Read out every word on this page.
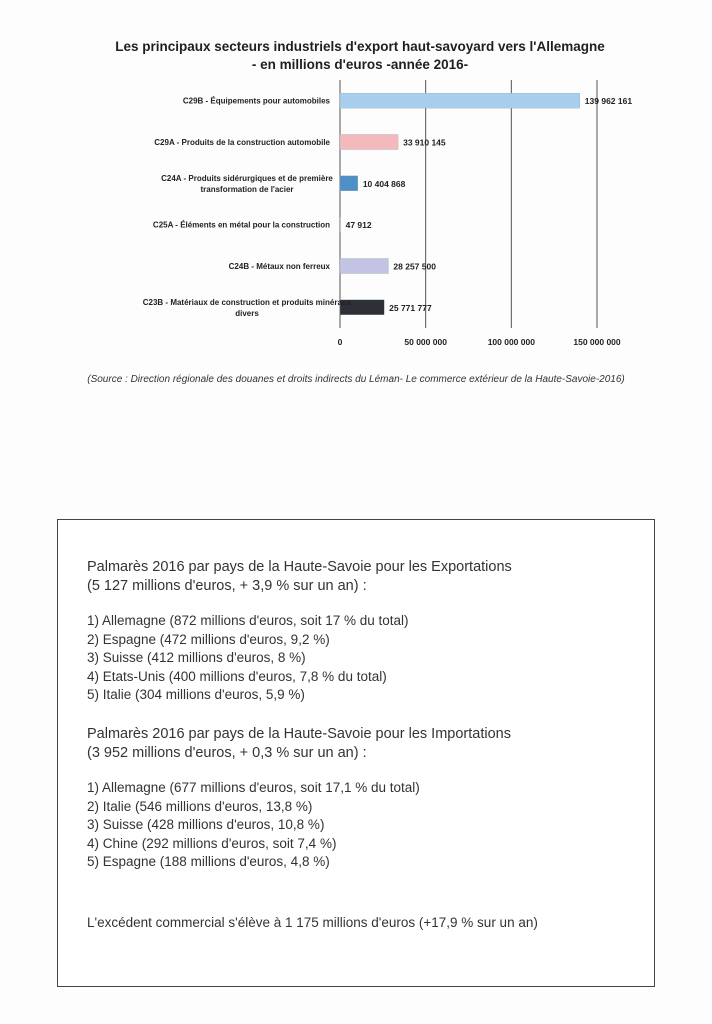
Les principaux secteurs industriels d'export haut-savoyard vers l'Allemagne
- en millions d'euros -année 2016-
139 962 161
C29B - Équipements pour automobiles
33 910 145
C29A - Produits de la construction automobile
10 404 868
C24A - Produits sidérurgiques et de première
transformation de l'acier
47 912
C25A - Éléments en métal pour la construction
28 257 500
C24B - Métaux non ferreux
25 771 777
C23B - Matériaux de construction et produits minéraux
divers
0	50 000 000	100 000 000	150 000 000
(Source : Direction régionale des douanes et droits indirects du Léman- Le commerce extérieur de la Haute-Savoie-2016)
Palmarès 2016 par pays de la Haute-Savoie pour les Exportations
(5 127 millions d'euros, + 3,9 % sur un an) :
1) Allemagne (872 millions d'euros, soit 17 % du total)
2) Espagne (472 millions d'euros, 9,2 %)
3) Suisse (412 millions d'euros, 8 %)
4) Etats-Unis (400 millions d'euros, 7,8 % du total)
5) Italie (304 millions d'euros, 5,9 %)
Palmarès 2016 par pays de la Haute-Savoie pour les Importations
(3 952 millions d'euros, + 0,3 % sur un an) :
1) Allemagne (677 millions d'euros, soit 17,1 % du total)
2) Italie (546 millions d'euros, 13,8 %)
3) Suisse (428 millions d'euros, 10,8 %)
4) Chine (292 millions d'euros, soit 7,4 %)
5) Espagne (188 millions d'euros, 4,8 %)
L'excédent commercial s'élève à 1 175 millions d'euros (+17,9 % sur un an)
